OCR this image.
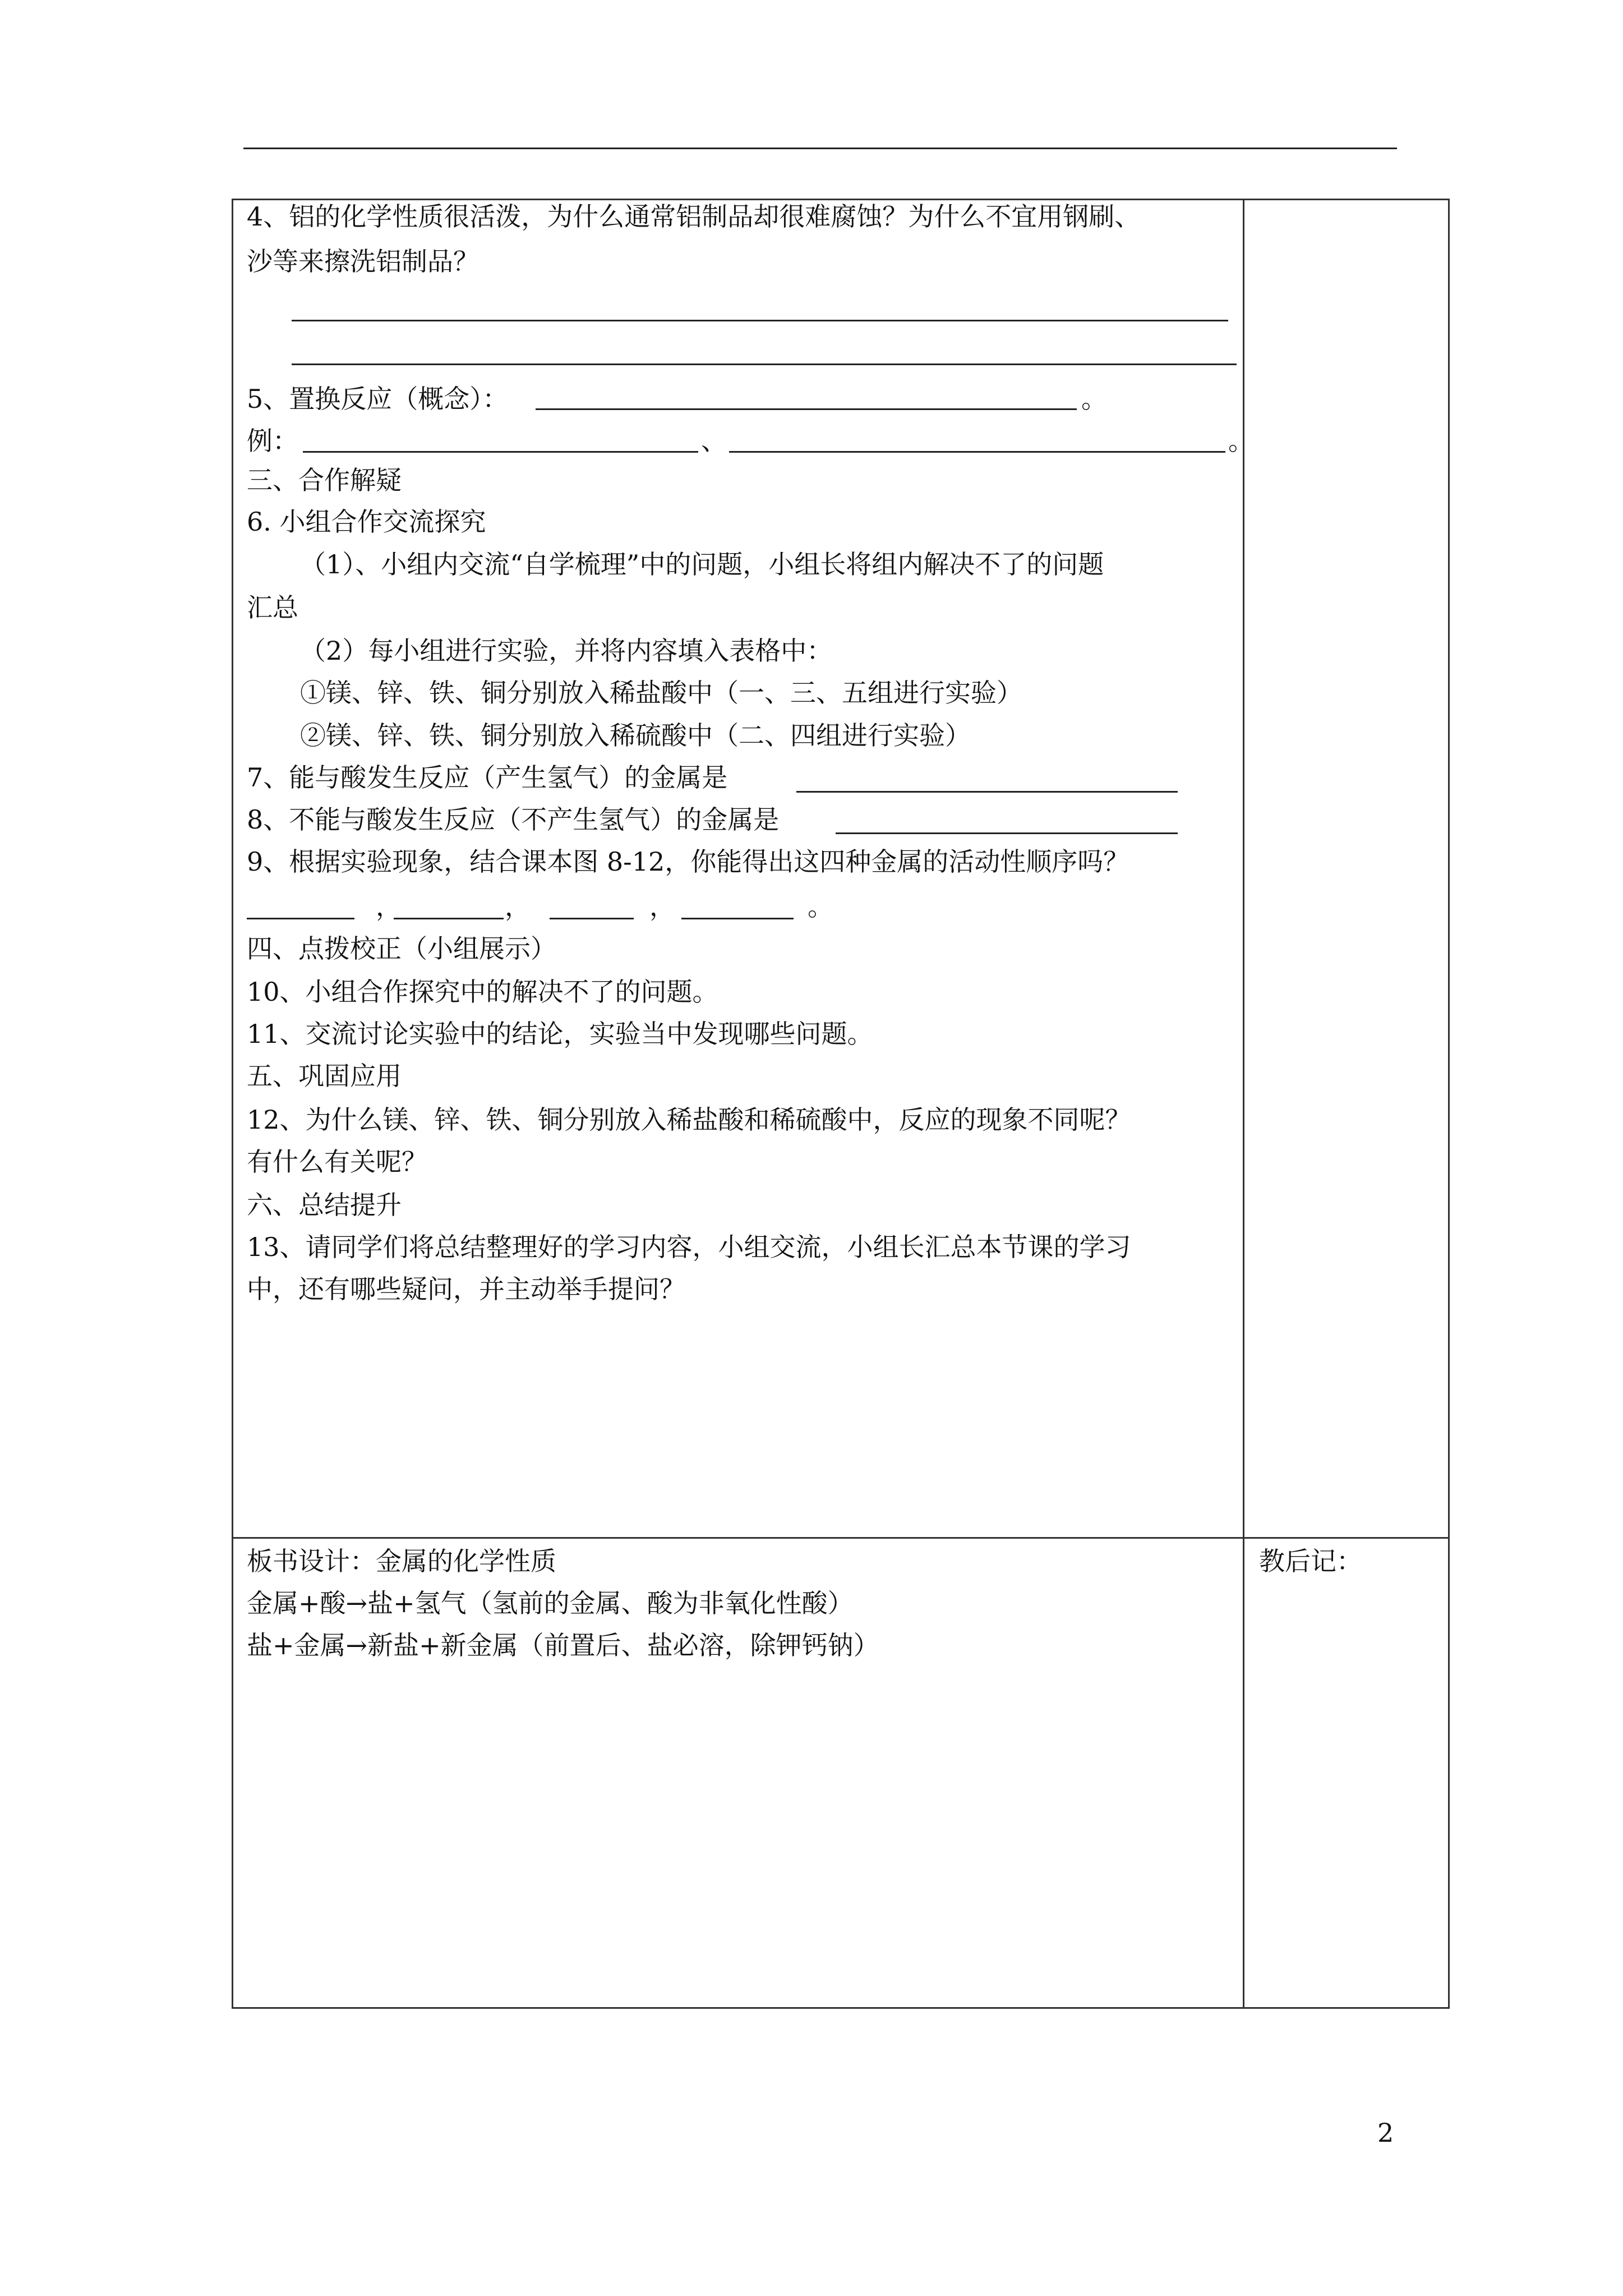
4、铝的化学性质很活泼，为什么通常铝制品却很难腐蚀？为什么不宜用钢刷、
沙等来擦洗铝制品？
5、置换反应（概念）：	。
例：	、	。
三、合作解疑
6. 小组合作交流探究
（1）、小组内交流“自学梳理”中的问题，小组长将组内解决不了的问题
汇总
（2）每小组进行实验，并将内容填入表格中：
①镁、锌、铁、铜分别放入稀盐酸中（一、三、五组进行实验）
②镁、锌、铁、铜分别放入稀硫酸中（二、四组进行实验）
7、能与酸发生反应（产生氢气）的金属是
8、不能与酸发生反应（不产生氢气）的金属是
9、根据实验现象，结合课本图 8-12，你能得出这四种金属的活动性顺序吗？
，	，	，	。
四、点拨校正（小组展示）
10、小组合作探究中的解决不了的问题。
11、交流讨论实验中的结论，实验当中发现哪些问题。
五、巩固应用
12、为什么镁、锌、铁、铜分别放入稀盐酸和稀硫酸中，反应的现象不同呢？
有什么有关呢？
六、总结提升
13、请同学们将总结整理好的学习内容，小组交流，小组长汇总本节课的学习
中，还有哪些疑问，并主动举手提问？
板书设计：金属的化学性质
金属+酸→盐+氢气（氢前的金属、酸为非氧化性酸）
盐+金属→新盐+新金属（前置后、盐必溶，除钾钙钠）
教后记：
2
